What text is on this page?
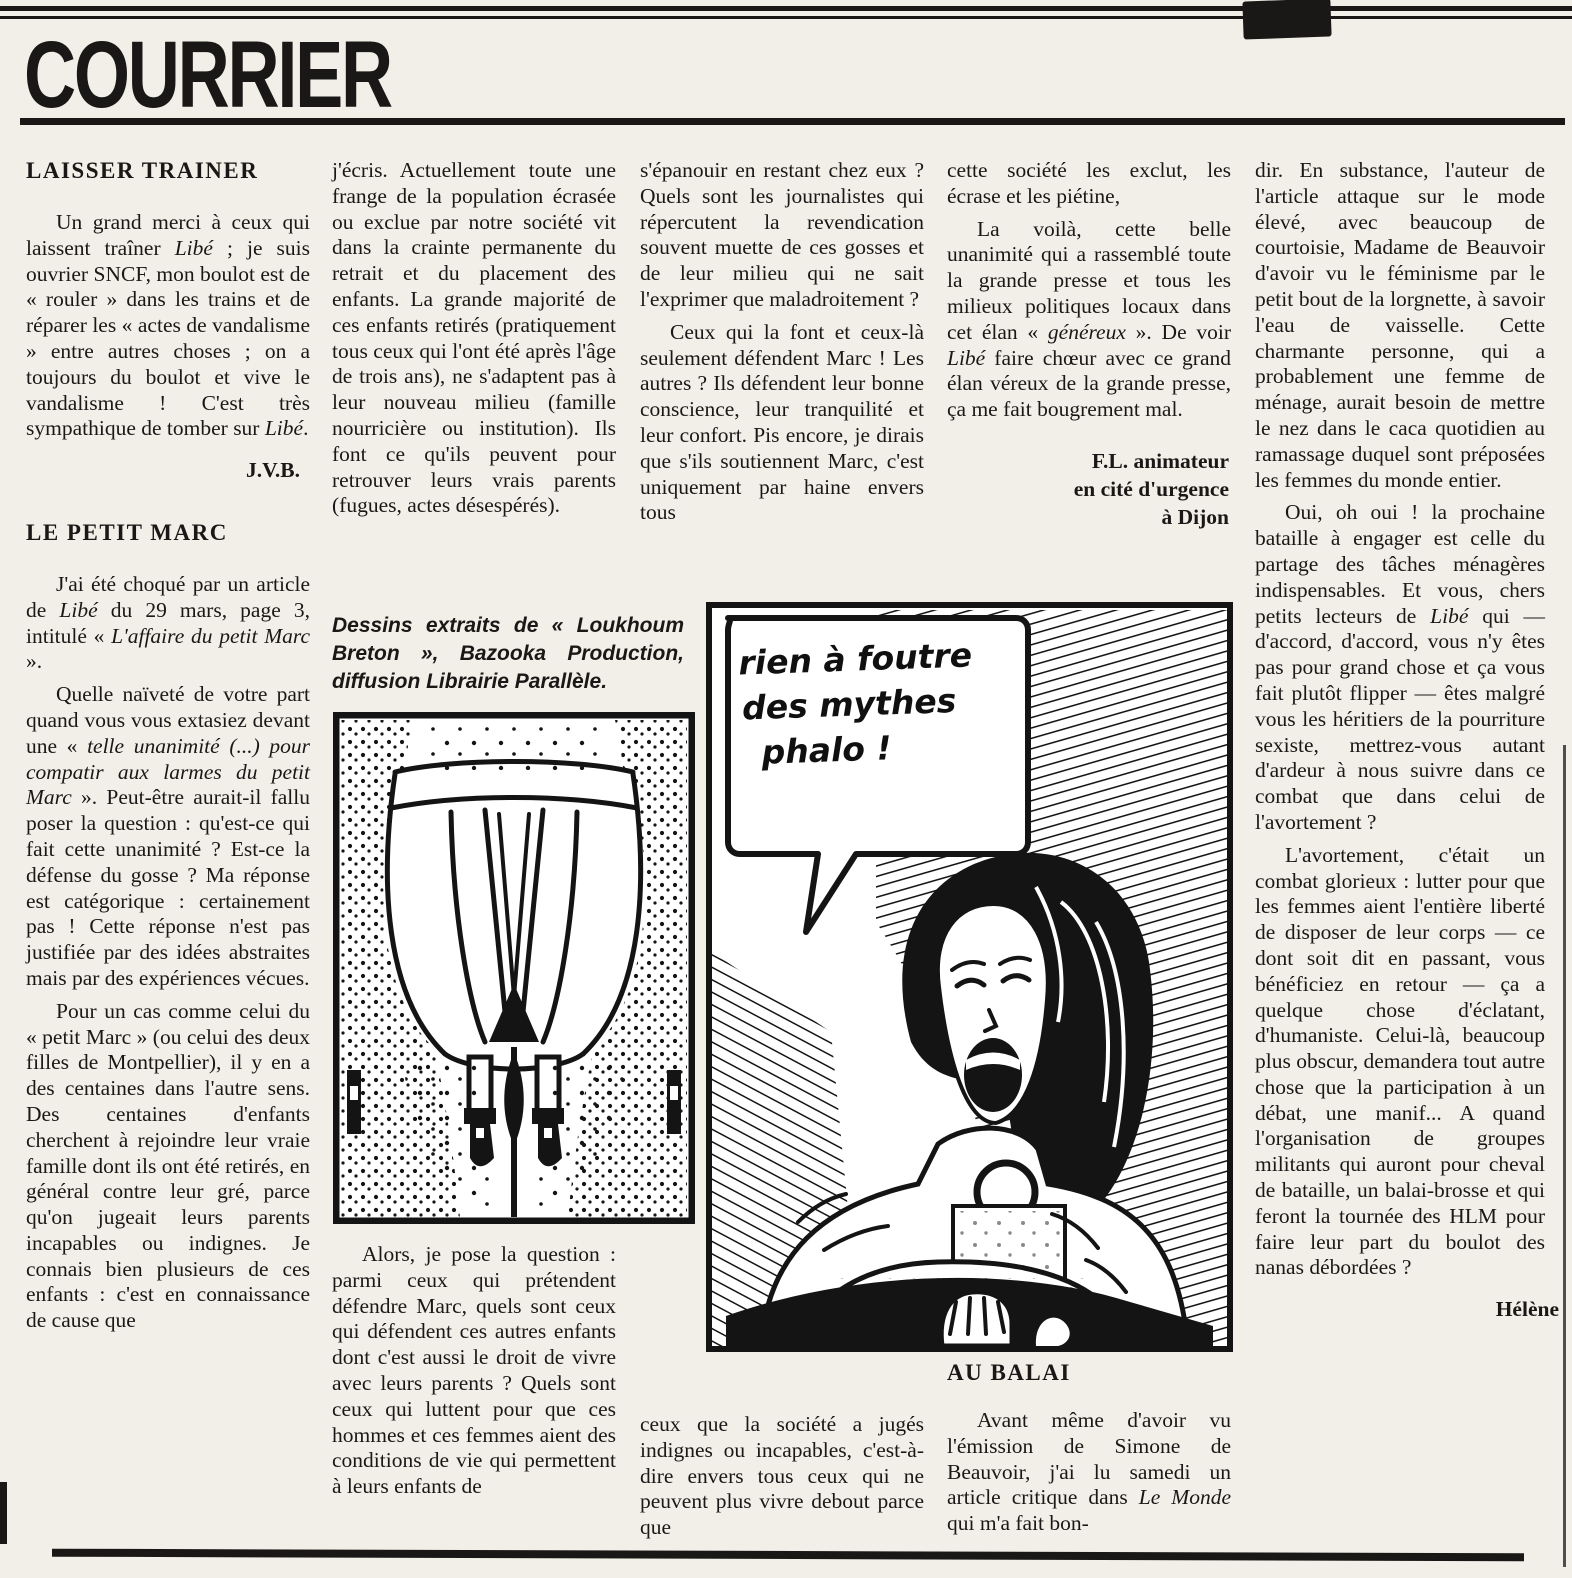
COURRIER
LAISSER TRAINER

Un grand merci à ceux qui laissent traîner Libé ; je suis ouvrier SNCF, mon boulot est de « rouler » dans les trains et de réparer les « actes de vandalisme » entre autres choses ; on a toujours du boulot et vive le vandalisme ! C'est très sympathique de tomber sur Libé.

J.V.B.
LE PETIT MARC

J'ai été choqué par un article de Libé du 29 mars, page 3, intitulé « L'affaire du petit Marc ».

Quelle naïveté de votre part quand vous vous extasiez devant une « telle unanimité (...) pour compatir aux larmes du petit Marc ». Peut-être aurait-il fallu poser la question : qu'est-ce qui fait cette unanimité ? Est-ce la défense du gosse ? Ma réponse est catégorique : certainement pas ! Cette réponse n'est pas justifiée par des idées abstraites mais par des expériences vécues.

Pour un cas comme celui du « petit Marc » (ou celui des deux filles de Montpellier), il y en a des centaines dans l'autre sens. Des centaines d'enfants cherchent à rejoindre leur vraie famille dont ils ont été retirés, en général contre leur gré, parce qu'on jugeait leurs parents incapables ou indignes. Je connais bien plusieurs de ces enfants : c'est en connaissance de cause que

j'écris. Actuellement toute une frange de la population écrasée ou exclue par notre société vit dans la crainte permanente du retrait et du placement des enfants. La grande majorité de ces enfants retirés (pratiquement tous ceux qui l'ont été après l'âge de trois ans), ne s'adaptent pas à leur nouveau milieu (famille nourricière ou institution). Ils font ce qu'ils peuvent pour retrouver leurs vrais parents (fugues, actes désespérés).

Dessins extraits de « Loukhoum Breton », Bazooka Production, diffusion Librairie Parallèle.

Alors, je pose la question : parmi ceux qui prétendent défendre Marc, quels sont ceux qui défendent ces autres enfants dont c'est aussi le droit de vivre avec leurs parents ? Quels sont ceux qui luttent pour que ces hommes et ces femmes aient des conditions de vie qui permettent à leurs enfants de

s'épanouir en restant chez eux ? Quels sont les journalistes qui répercutent la revendication souvent muette de ces gosses et de leur milieu qui ne sait l'exprimer que maladroitement ?

Ceux qui la font et ceux-là seulement défendent Marc ! Les autres ? Ils défendent leur bonne conscience, leur tranquilité et leur confort. Pis encore, je dirais que s'ils soutiennent Marc, c'est uniquement par haine envers tous

rien à foutre
des mythes
phalo !

ceux que la société a jugés indignes ou incapables, c'est-à-dire envers tous ceux qui ne peuvent plus vivre debout parce que

cette société les exclut, les écrase et les piétine,

La voilà, cette belle unanimité qui a rassemblé toute la grande presse et tous les milieux politiques locaux dans cet élan « généreux ». De voir Libé faire chœur avec ce grand élan véreux de la grande presse, ça me fait bougrement mal.

F.L. animateur
en cité d'urgence
à Dijon
AU BALAI

Avant même d'avoir vu l'émission de Simone de Beauvoir, j'ai lu samedi un article critique dans Le Monde qui m'a fait bon-

dir. En substance, l'auteur de l'article attaque sur le mode élevé, avec beaucoup de courtoisie, Madame de Beauvoir d'avoir vu le féminisme par le petit bout de la lorgnette, à savoir l'eau de vaisselle. Cette charmante personne, qui a probablement une femme de ménage, aurait besoin de mettre le nez dans le caca quotidien au ramassage duquel sont préposées les femmes du monde entier.

Oui, oh oui ! la prochaine bataille à engager est celle du partage des tâches ménagères indispensables. Et vous, chers petits lecteurs de Libé qui — d'accord, d'accord, vous n'y êtes pas pour grand chose et ça vous fait plutôt flipper — êtes malgré vous les héritiers de la pourriture sexiste, mettrez-vous autant d'ardeur à nous suivre dans ce combat que dans celui de l'avortement ?

L'avortement, c'était un combat glorieux : lutter pour que les femmes aient l'entière liberté de disposer de leur corps — ce dont soit dit en passant, vous bénéficiez en retour — ça a quelque chose d'éclatant, d'humaniste. Celui-là, beaucoup plus obscur, demandera tout autre chose que la participation à un débat, une manif... A quand l'organisation de groupes militants qui auront pour cheval de bataille, un balai-brosse et qui feront la tournée des HLM pour faire leur part du boulot des nanas débordées ?

Hélène
